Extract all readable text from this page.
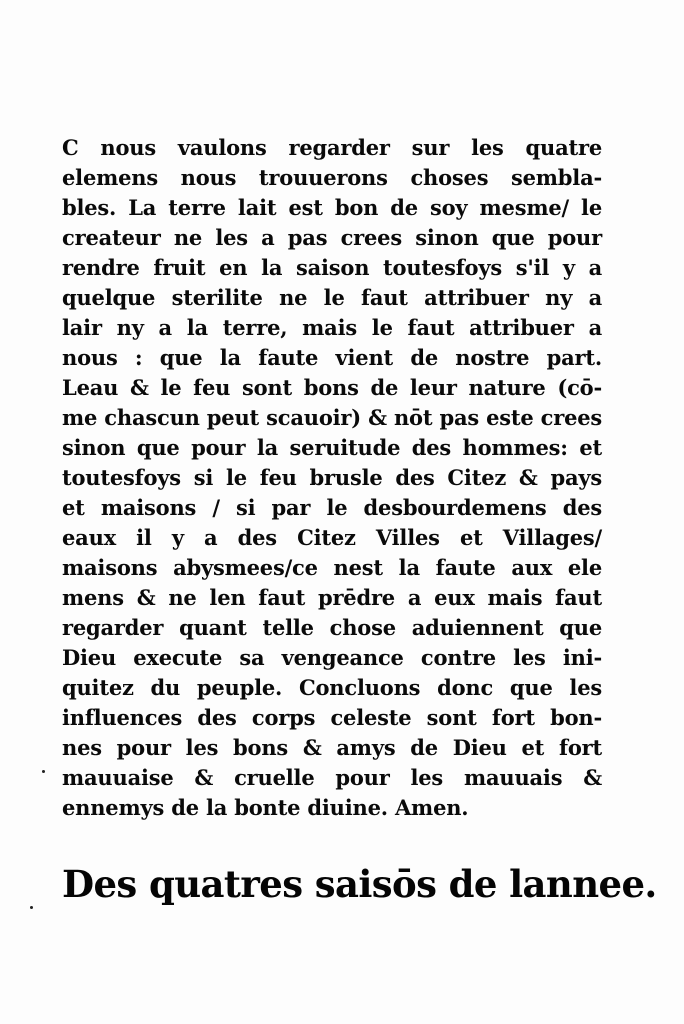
C nous vaulons regarder sur les quatre
elemens nous trouuerons choses sembla-
bles. La terre lait est bon de soy mesme/ le
createur ne les a pas crees sinon que pour
rendre fruit en la saison toutesfoys s'il y a
quelque sterilite ne le faut attribuer ny a
lair ny a la terre, mais le faut attribuer a
nous : que la faute vient de nostre part.
Leau & le feu sont bons de leur nature (cō-
me chascun peut scauoir) & nōt pas este crees
sinon que pour la seruitude des hommes: et
toutesfoys si le feu brusle des Citez & pays
et maisons / si par le desbourdemens des
eaux il y a des Citez Villes et Villages/
maisons abysmees/ce nest la faute aux ele
mens & ne len faut prēdre a eux mais faut
regarder quant telle chose aduiennent que
Dieu execute sa vengeance contre les ini-
quitez du peuple. Concluons donc que les
influences des corps celeste sont fort bon-
nes pour les bons & amys de Dieu et fort
mauuaise & cruelle pour les mauuais &
ennemys de la bonte diuine. Amen.
Des quatres saisōs de lannee.
